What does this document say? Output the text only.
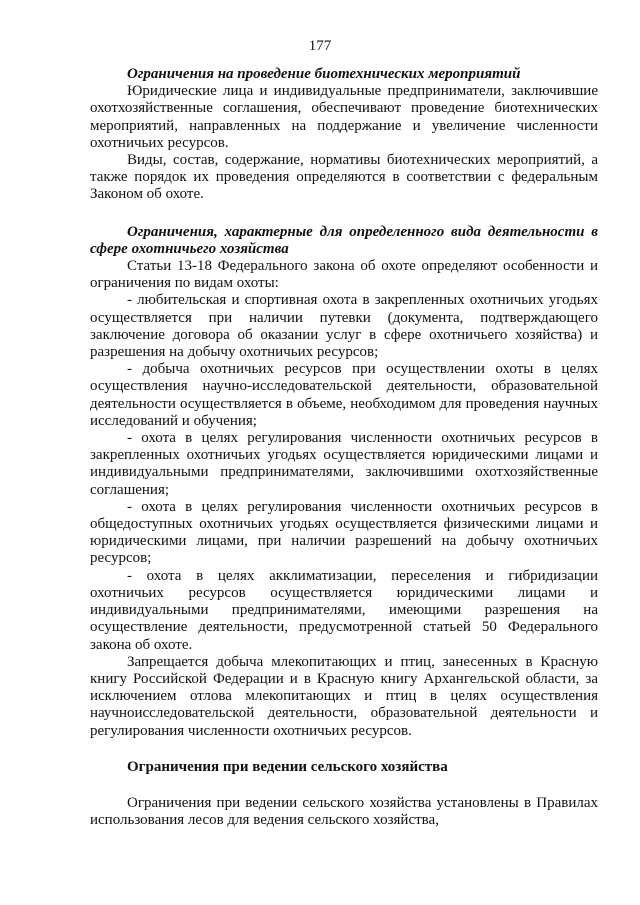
177

Ограничения на проведение биотехнических мероприятий

Юридические лица и индивидуальные предприниматели, заключившие охотхозяйственные соглашения, обеспечивают проведение биотехнических мероприятий, направленных на поддержание и увеличение численности охотничьих ресурсов.

Виды, состав, содержание, нормативы биотехнических мероприятий, а также порядок их проведения определяются в соответствии с федеральным Законом об охоте.

Ограничения, характерные для определенного вида деятельности в сфере охотничьего хозяйства

Статьи 13-18 Федерального закона об охоте определяют особенности и ограничения по видам охоты:

- любительская и спортивная охота в закрепленных охотничьих угодьях осуществляется при наличии путевки (документа, подтверждающего заключение договора об оказании услуг в сфере охотничьего хозяйства) и разрешения на добычу охотничьих ресурсов;

- добыча охотничьих ресурсов при осуществлении охоты в целях осуществления научно-исследовательской деятельности, образовательной деятельности осуществляется в объеме, необходимом для проведения научных исследований и обучения;

- охота в целях регулирования численности охотничьих ресурсов в закрепленных охотничьих угодьях осуществляется юридическими лицами и индивидуальными предпринимателями, заключившими охотхозяйственные соглашения;

- охота в целях регулирования численности охотничьих ресурсов в общедоступных охотничьих угодьях осуществляется физическими лицами и юридическими лицами, при наличии разрешений на добычу охотничьих ресурсов;

- охота в целях акклиматизации, переселения и гибридизации охотничьих ресурсов осуществляется юридическими лицами и индивидуальными предпринимателями, имеющими разрешения на осуществление деятельности, предусмотренной статьей 50 Федерального закона об охоте.

Запрещается добыча млекопитающих и птиц, занесенных в Красную книгу Российской Федерации и в Красную книгу Архангельской области, за исключением отлова млекопитающих и птиц в целях осуществления научноисследовательской деятельности, образовательной деятельности и регулирования численности охотничьих ресурсов.

Ограничения при ведении сельского хозяйства

Ограничения при ведении сельского хозяйства установлены в Правилах использования лесов для ведения сельского хозяйства,
